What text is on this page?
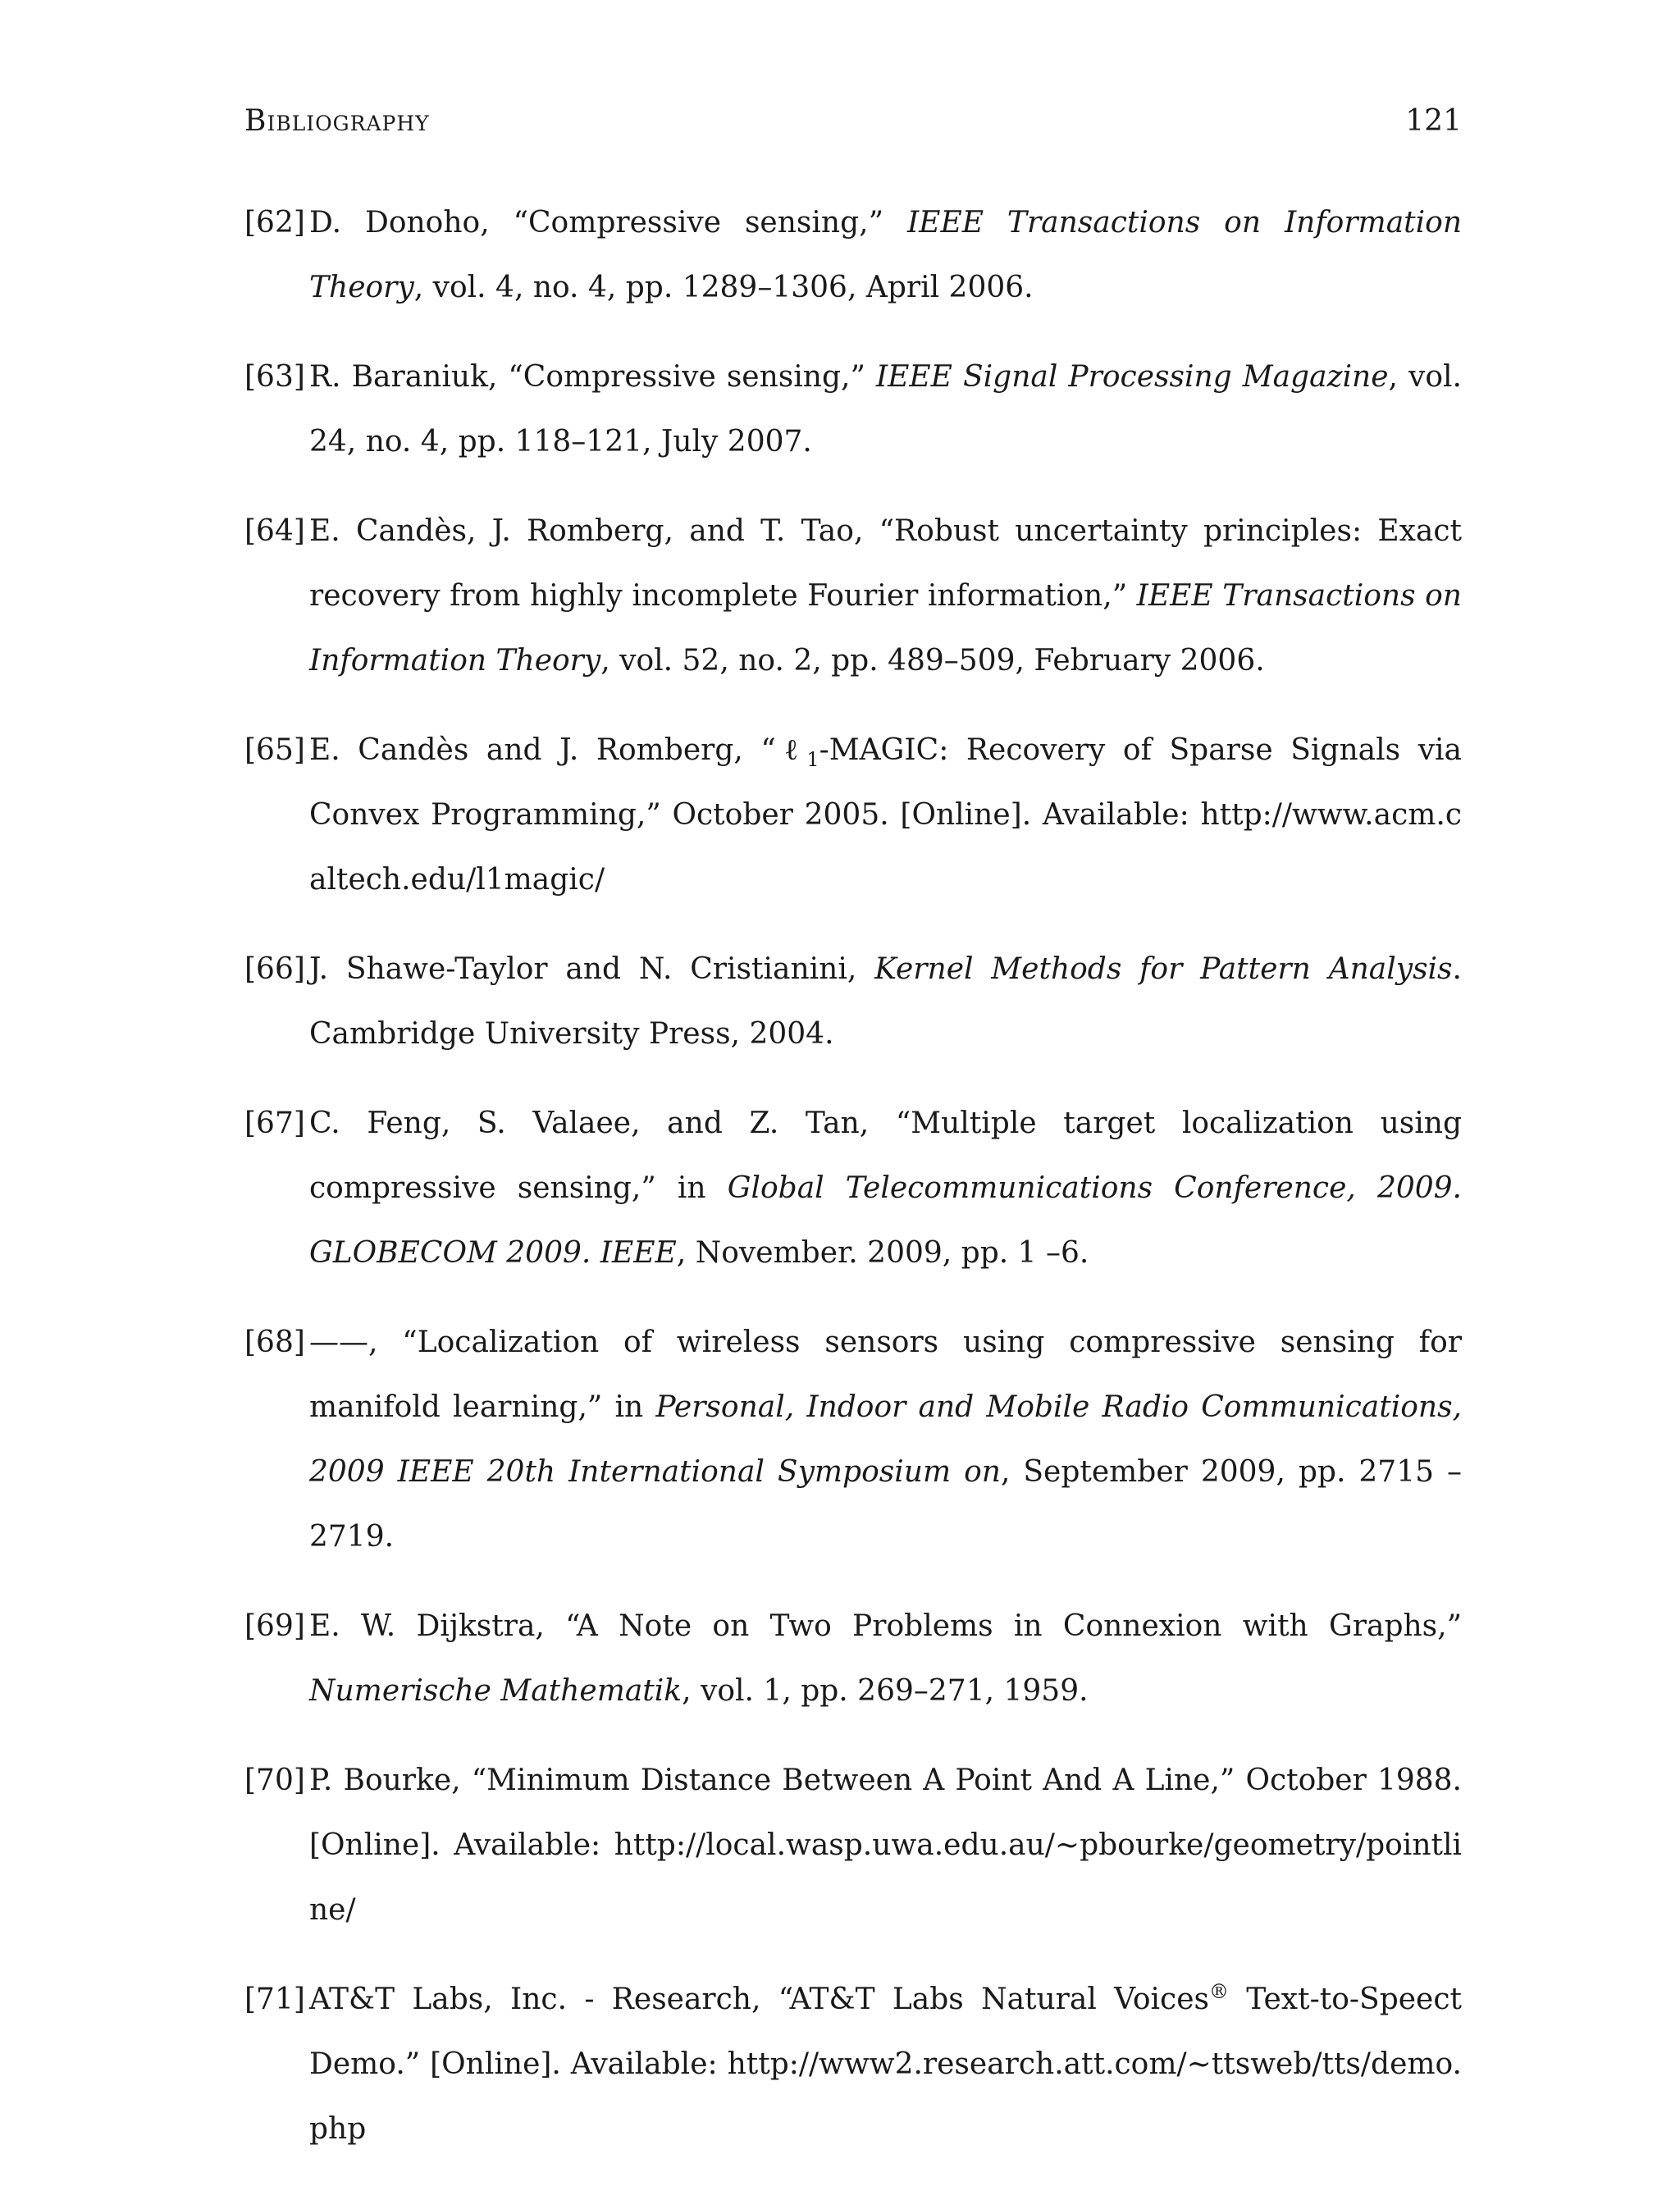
Bibliography	121
[62] D. Donoho, “Compressive sensing,” IEEE Transactions on Information Theory, vol. 4, no. 4, pp. 1289–1306, April 2006.
[63] R. Baraniuk, “Compressive sensing,” IEEE Signal Processing Magazine, vol. 24, no. 4, pp. 118–121, July 2007.
[64] E. Candès, J. Romberg, and T. Tao, “Robust uncertainty principles: Exact recovery from highly incomplete Fourier information,” IEEE Transactions on Information Theory, vol. 52, no. 2, pp. 489–509, February 2006.
[65] E. Candès and J. Romberg, “ℓ$_1$-MAGIC: Recovery of Sparse Signals via Convex Programming,” October 2005. [Online]. Available: http://www.acm.caltech.edu/l1magic/
[66] J. Shawe-Taylor and N. Cristianini, Kernel Methods for Pattern Analysis. Cambridge University Press, 2004.
[67] C. Feng, S. Valaee, and Z. Tan, “Multiple target localization using compressive sensing,” in Global Telecommunications Conference, 2009. GLOBECOM 2009. IEEE, November. 2009, pp. 1 –6.
[68] ——, “Localization of wireless sensors using compressive sensing for manifold learning,” in Personal, Indoor and Mobile Radio Communications, 2009 IEEE 20th International Symposium on, September 2009, pp. 2715 –2719.
[69] E. W. Dijkstra, “A Note on Two Problems in Connexion with Graphs,” Numerische Mathematik, vol. 1, pp. 269–271, 1959.
[70] P. Bourke, “Minimum Distance Between A Point And A Line,” October 1988. [Online]. Available: http://local.wasp.uwa.edu.au/~pbourke/geometry/pointline/
[71] AT&T Labs, Inc. - Research, “AT&T Labs Natural Voices® Text-to-Speect Demo.” [Online]. Available: http://www2.research.att.com/~ttsweb/tts/demo.php
